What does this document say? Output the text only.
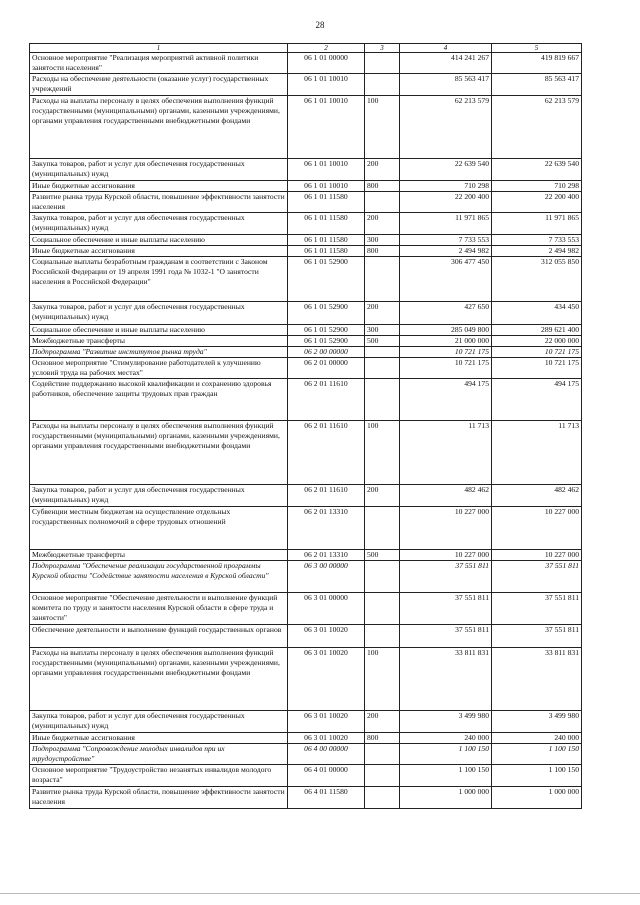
28
1	2	3	4	5
Основное мероприятие "Реализация мероприятий активной политики занятости населения"	06 1 01 00000		414 241 267	419 819 667
Расходы на обеспечение деятельности (оказание услуг) государственных учреждений	06 1 01 10010		85 563 417	85 563 417
Расходы на выплаты персоналу в целях обеспечения выполнения функций государственными (муниципальными) органами, казенными учреждениями, органами управления государственными внебюджетными фондами	06 1 01 10010	100	62 213 579	62 213 579
Закупка товаров, работ и услуг для обеспечения государственных (муниципальных) нужд	06 1 01 10010	200	22 639 540	22 639 540
Иные бюджетные ассигнования	06 1 01 10010	800	710 298	710 298
Развитие рынка труда Курской области, повышение эффективности занятости населения	06 1 01 11580		22 200 400	22 200 400
Закупка товаров, работ и услуг для обеспечения государственных (муниципальных) нужд	06 1 01 11580	200	11 971 865	11 971 865
Социальное обеспечение и иные выплаты населению	06 1 01 11580	300	7 733 553	7 733 553
Иные бюджетные ассигнования	06 1 01 11580	800	2 494 982	2 494 982
Социальные выплаты безработным гражданам в соответствии с Законом Российской Федерации от 19 апреля 1991 года № 1032-1 "О занятости населения в Российской Федерации"	06 1 01 52900		306 477 450	312 055 850
Закупка товаров, работ и услуг для обеспечения государственных (муниципальных) нужд	06 1 01 52900	200	427 650	434 450
Социальное обеспечение и иные выплаты населению	06 1 01 52900	300	285 049 800	289 621 400
Межбюджетные трансферты	06 1 01 52900	500	21 000 000	22 000 000
Подпрограмма "Развитие институтов рынка труда"	06 2 00 00000		10 721 175	10 721 175
Основное мероприятие "Стимулирование работодателей к улучшению условий труда на рабочих местах"	06 2 01 00000		10 721 175	10 721 175
Содействие поддержанию высокой квалификации и сохранению здоровья работников, обеспечение защиты трудовых прав граждан	06 2 01 11610		494 175	494 175
Расходы на выплаты персоналу в целях обеспечения выполнения функций государственными (муниципальными) органами, казенными учреждениями, органами управления государственными внебюджетными фондами	06 2 01 11610	100	11 713	11 713
Закупка товаров, работ и услуг для обеспечения государственных (муниципальных) нужд	06 2 01 11610	200	482 462	482 462
Субвенции местным бюджетам на осуществление отдельных государственных полномочий в сфере трудовых отношений	06 2 01 13310		10 227 000	10 227 000
Межбюджетные трансферты	06 2 01 13310	500	10 227 000	10 227 000
Подпрограмма "Обеспечение реализации государственной программы Курской области "Содействие занятости населения в Курской области"	06 3 00 00000		37 551 811	37 551 811
Основное мероприятие "Обеспечение деятельности и выполнение функций комитета по труду и занятости населения Курской области в сфере труда и занятости"	06 3 01 00000		37 551 811	37 551 811
Обеспечение деятельности и выполнение функций государственных органов	06 3 01 10020		37 551 811	37 551 811
Расходы на выплаты персоналу в целях обеспечения выполнения функций государственными (муниципальными) органами, казенными учреждениями, органами управления государственными внебюджетными фондами	06 3 01 10020	100	33 811 831	33 811 831
Закупка товаров, работ и услуг для обеспечения государственных (муниципальных) нужд	06 3 01 10020	200	3 499 980	3 499 980
Иные бюджетные ассигнования	06 3 01 10020	800	240 000	240 000
Подпрограмма "Сопровождение молодых инвалидов при их трудоустройстве"	06 4 00 00000		1 100 150	1 100 150
Основное мероприятие "Трудоустройство незанятых инвалидов молодого возраста"	06 4 01 00000		1 100 150	1 100 150
Развитие рынка труда Курской области, повышение эффективности занятости населения	06 4 01 11580		1 000 000	1 000 000
